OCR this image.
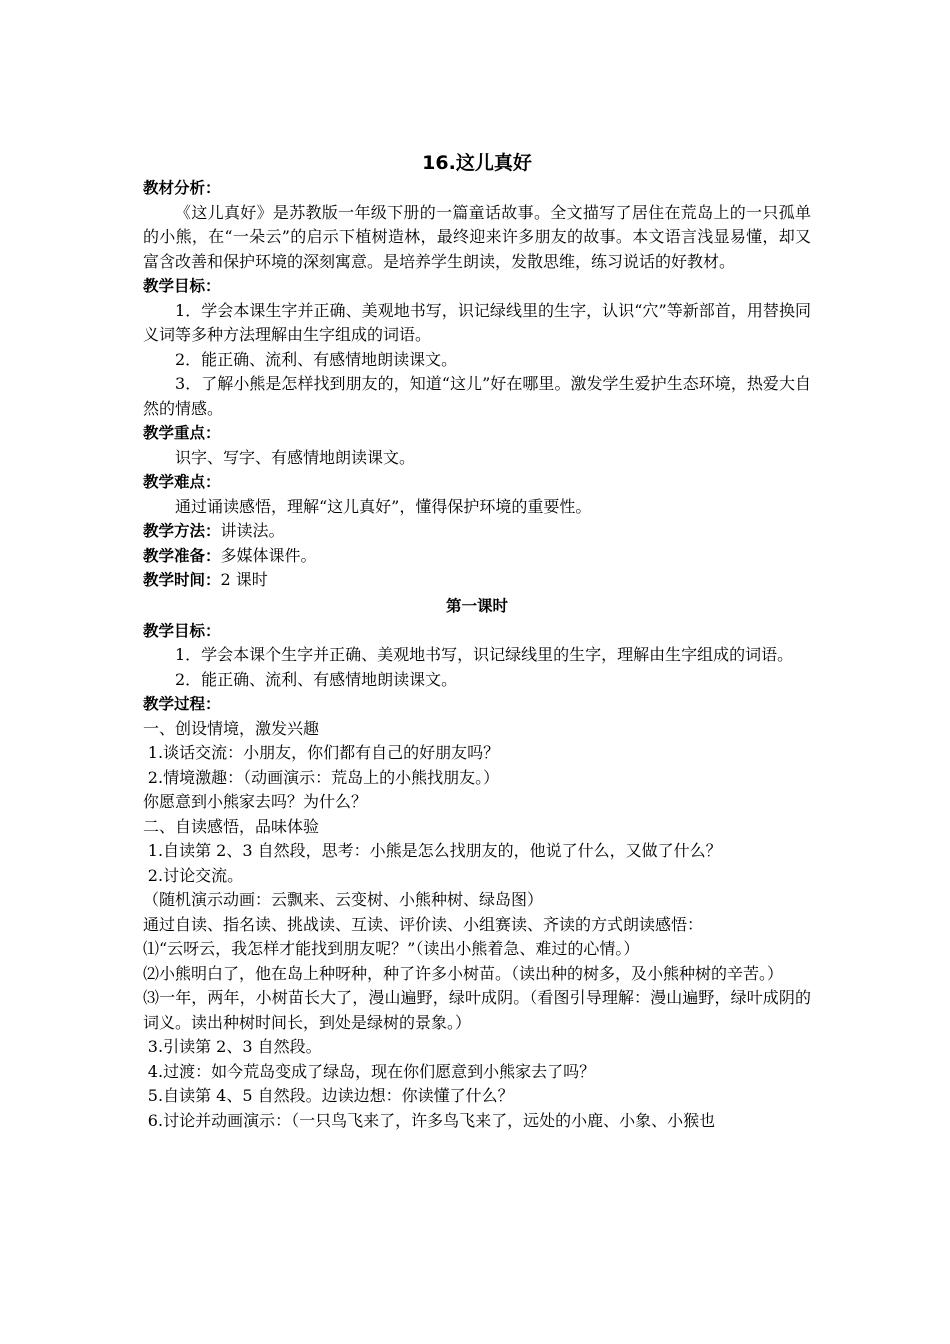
16.这儿真好
教材分析：

《这儿真好》是苏教版一年级下册的一篇童话故事。全文描写了居住在荒岛上的一只孤单的小熊，在“一朵云”的启示下植树造林，最终迎来许多朋友的故事。本文语言浅显易懂，却又富含改善和保护环境的深刻寓意。是培养学生朗读，发散思维，练习说话的好教材。

教学目标：

1．学会本课生字并正确、美观地书写，识记绿线里的生字，认识“穴”等新部首，用替换同义词等多种方法理解由生字组成的词语。

2．能正确、流利、有感情地朗读课文。

3．了解小熊是怎样找到朋友的，知道“这儿”好在哪里。激发学生爱护生态环境，热爱大自然的情感。

教学重点：

识字、写字、有感情地朗读课文。

教学难点：

通过诵读感悟，理解“这儿真好”，懂得保护环境的重要性。

教学方法：讲读法。
教学准备：多媒体课件。
教学时间：2 课时
第一课时
教学目标：

1．学会本课个生字并正确、美观地书写，识记绿线里的生字，理解由生字组成的词语。

2．能正确、流利、有感情地朗读课文。

教学过程：

一、创设情境，激发兴趣

1.谈话交流：小朋友，你们都有自己的好朋友吗？

2.情境激趣：（动画演示：荒岛上的小熊找朋友。）

你愿意到小熊家去吗？为什么？

二、自读感悟，品味体验

1.自读第 2、3 自然段，思考：小熊是怎么找朋友的，他说了什么，又做了什么？

2.讨论交流。

（随机演示动画：云飘来、云变树、小熊种树、绿岛图）

通过自读、指名读、挑战读、互读、评价读、小组赛读、齐读的方式朗读感悟：

⑴“云呀云，我怎样才能找到朋友呢？”（读出小熊着急、难过的心情。）

⑵小熊明白了，他在岛上种呀种，种了许多小树苗。（读出种的树多，及小熊种树的辛苦。）

⑶一年，两年，小树苗长大了，漫山遍野，绿叶成阴。（看图引导理解：漫山遍野，绿叶成阴的词义。读出种树时间长，到处是绿树的景象。）

3.引读第 2、3 自然段。

4.过渡：如今荒岛变成了绿岛，现在你们愿意到小熊家去了吗？

5.自读第 4、5 自然段。边读边想：你读懂了什么？

6.讨论并动画演示：（一只鸟飞来了，许多鸟飞来了，远处的小鹿、小象、小猴也
